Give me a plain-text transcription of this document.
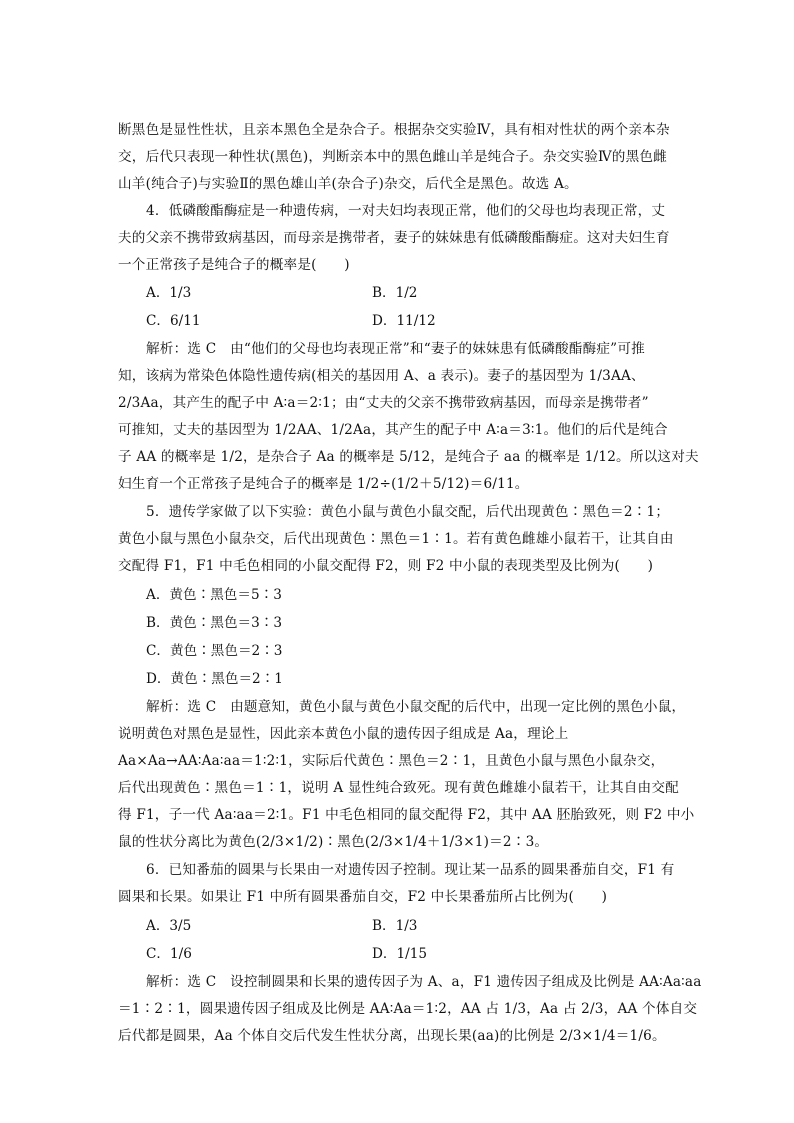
断黑色是显性性状，且亲本黑色全是杂合子。根据杂交实验Ⅳ，具有相对性状的两个亲本杂
交，后代只表现一种性状(黑色)，判断亲本中的黑色雌山羊是纯合子。杂交实验Ⅳ的黑色雌
山羊(纯合子)与实验Ⅱ的黑色雄山羊(杂合子)杂交，后代全是黑色。故选 A。
4．低磷酸酯酶症是一种遗传病，一对夫妇均表现正常，他们的父母也均表现正常，丈
夫的父亲不携带致病基因，而母亲是携带者，妻子的妹妹患有低磷酸酯酶症。这对夫妇生育
一个正常孩子是纯合子的概率是(　　)
A．1/3	B．1/2
C．6/11	D．11/12
解析：选 C　由“他们的父母也均表现正常”和“妻子的妹妹患有低磷酸酯酶症”可推
知，该病为常染色体隐性遗传病(相关的基因用 A、a 表示)。妻子的基因型为 1/3AA、
2/3Aa，其产生的配子中 A∶a＝2∶1；由“丈夫的父亲不携带致病基因，而母亲是携带者”
可推知，丈夫的基因型为 1/2AA、1/2Aa，其产生的配子中 A∶a＝3∶1。他们的后代是纯合
子 AA 的概率是 1/2，是杂合子 Aa 的概率是 5/12，是纯合子 aa 的概率是 1/12。所以这对夫
妇生育一个正常孩子是纯合子的概率是 1/2÷(1/2＋5/12)＝6/11。
5．遗传学家做了以下实验：黄色小鼠与黄色小鼠交配，后代出现黄色∶黑色＝2∶1；
黄色小鼠与黑色小鼠杂交，后代出现黄色∶黑色＝1∶1。若有黄色雌雄小鼠若干，让其自由
交配得 F1，F1 中毛色相同的小鼠交配得 F2，则 F2 中小鼠的表现类型及比例为(　　)
A．黄色∶黑色＝5∶3
B．黄色∶黑色＝3∶3
C．黄色∶黑色＝2∶3
D．黄色∶黑色＝2∶1
解析：选 C　由题意知，黄色小鼠与黄色小鼠交配的后代中，出现一定比例的黑色小鼠，
说明黄色对黑色是显性，因此亲本黄色小鼠的遗传因子组成是 Aa，理论上
Aa×Aa→AA∶Aa∶aa＝1∶2∶1，实际后代黄色∶黑色＝2∶1，且黄色小鼠与黑色小鼠杂交，
后代出现黄色∶黑色＝1∶1，说明 A 显性纯合致死。现有黄色雌雄小鼠若干，让其自由交配
得 F1，子一代 Aa∶aa＝2∶1。F1 中毛色相同的鼠交配得 F2，其中 AA 胚胎致死，则 F2 中小
鼠的性状分离比为黄色(2/3×1/2)∶黑色(2/3×1/4＋1/3×1)＝2∶3。
6．已知番茄的圆果与长果由一对遗传因子控制。现让某一品系的圆果番茄自交，F1 有
圆果和长果。如果让 F1 中所有圆果番茄自交，F2 中长果番茄所占比例为(　　)
A．3/5	B．1/3
C．1/6	D．1/15
解析：选 C　设控制圆果和长果的遗传因子为 A、a，F1 遗传因子组成及比例是 AA∶Aa∶aa
＝1∶2∶1，圆果遗传因子组成及比例是 AA∶Aa＝1∶2，AA 占 1/3，Aa 占 2/3，AA 个体自交
后代都是圆果，Aa 个体自交后代发生性状分离，出现长果(aa)的比例是 2/3×1/4＝1/6。
